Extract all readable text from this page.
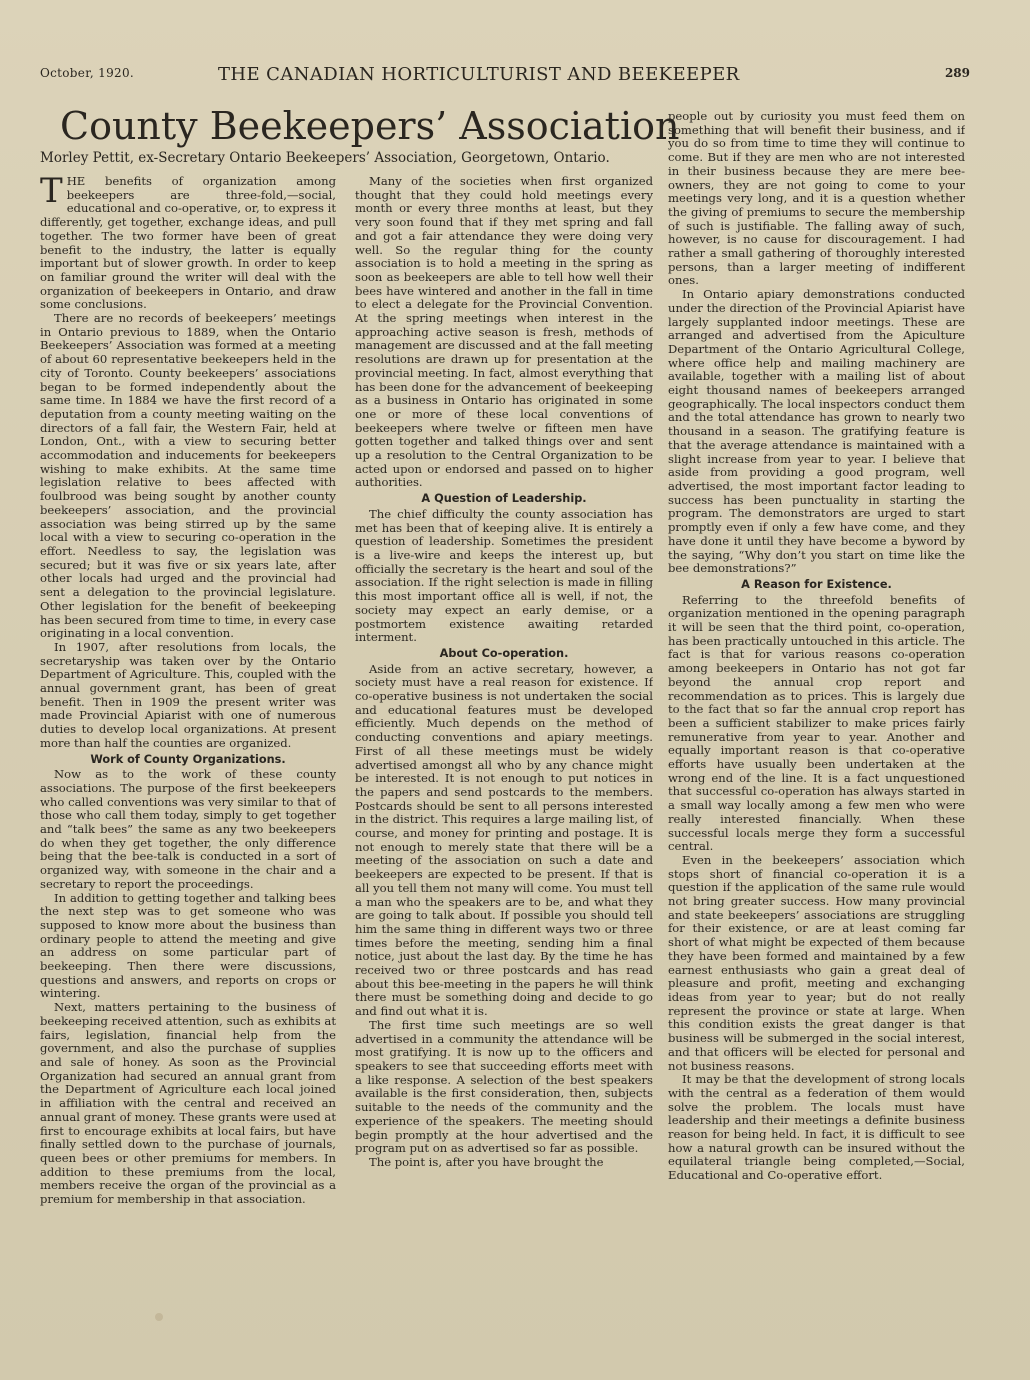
October, 1920.	THE CANADIAN HORTICULTURIST AND BEEKEEPER	289
County Beekeepers’ Association
Morley Pettit, ex-Secretary Ontario Beekeepers’ Association, Georgetown, Ontario.

THE benefits of organization among beekeepers are three-fold,—social, educational and co-operative, or, to express it differently, get together, exchange ideas, and pull together. The two former have been of great benefit to the industry, the latter is equally important but of slower growth. In order to keep on familiar ground the writer will deal with the organization of beekeepers in Ontario, and draw some conclusions.

There are no records of beekeepers’ meetings in Ontario previous to 1889, when the Ontario Beekeepers’ Association was formed at a meeting of about 60 representative beekeepers held in the city of Toronto. County beekeepers’ associations began to be formed independently about the same time. In 1884 we have the first record of a deputation from a county meeting waiting on the directors of a fall fair, the Western Fair, held at London, Ont., with a view to securing better accommodation and inducements for beekeepers wishing to make exhibits. At the same time legislation relative to bees affected with foulbrood was being sought by another county beekeepers’ association, and the provincial association was being stirred up by the same local with a view to securing co-operation in the effort. Needless to say, the legislation was secured; but it was five or six years late, after other locals had urged and the provincial had sent a delegation to the provincial legislature. Other legislation for the benefit of beekeeping has been secured from time to time, in every case originating in a local convention.

In 1907, after resolutions from locals, the secretaryship was taken over by the Ontario Department of Agriculture. This, coupled with the annual government grant, has been of great benefit. Then in 1909 the present writer was made Provincial Apiarist with one of numerous duties to develop local organizations. At present more than half the counties are organized.

Work of County Organizations.

Now as to the work of these county associations. The purpose of the first beekeepers who called conventions was very similar to that of those who call them today, simply to get together and “talk bees” the same as any two beekeepers do when they get together, the only difference being that the bee-talk is conducted in a sort of organized way, with someone in the chair and a secretary to report the proceedings.

In addition to getting together and talking bees the next step was to get someone who was supposed to know more about the business than ordinary people to attend the meeting and give an address on some particular part of beekeeping. Then there were discussions, questions and answers, and reports on crops or wintering.

Next, matters pertaining to the business of beekeeping received attention, such as exhibits at fairs, legislation, financial help from the government, and also the purchase of supplies and sale of honey. As soon as the Provincial Organization had secured an annual grant from the Department of Agriculture each local joined in affiliation with the central and received an annual grant of money. These grants were used at first to encourage exhibits at local fairs, but have finally settled down to the purchase of journals, queen bees or other premiums for members. In addition to these premiums from the local, members receive the organ of the provincial as a premium for membership in that association.

Many of the societies when first organized thought that they could hold meetings every month or every three months at least, but they very soon found that if they met spring and fall and got a fair attendance they were doing very well. So the regular thing for the county association is to hold a meeting in the spring as soon as beekeepers are able to tell how well their bees have wintered and another in the fall in time to elect a delegate for the Provincial Convention. At the spring meetings when interest in the approaching active season is fresh, methods of management are discussed and at the fall meeting resolutions are drawn up for presentation at the provincial meeting. In fact, almost everything that has been done for the advancement of beekeeping as a business in Ontario has originated in some one or more of these local conventions of beekeepers where twelve or fifteen men have gotten together and talked things over and sent up a resolution to the Central Organization to be acted upon or endorsed and passed on to higher authorities.

A Question of Leadership.

The chief difficulty the county association has met has been that of keeping alive. It is entirely a question of leadership. Sometimes the president is a live-wire and keeps the interest up, but officially the secretary is the heart and soul of the association. If the right selection is made in filling this most important office all is well, if not, the society may expect an early demise, or a postmortem existence awaiting retarded interment.

About Co-operation.

Aside from an active secretary, however, a society must have a real reason for existence. If co-operative business is not undertaken the social and educational features must be developed efficiently. Much depends on the method of conducting conventions and apiary meetings. First of all these meetings must be widely advertised amongst all who by any chance might be interested. It is not enough to put notices in the papers and send postcards to the members. Postcards should be sent to all persons interested in the district. This requires a large mailing list, of course, and money for printing and postage. It is not enough to merely state that there will be a meeting of the association on such a date and beekeepers are expected to be present. If that is all you tell them not many will come. You must tell a man who the speakers are to be, and what they are going to talk about. If possible you should tell him the same thing in different ways two or three times before the meeting, sending him a final notice, just about the last day. By the time he has received two or three postcards and has read about this bee-meeting in the papers he will think there must be something doing and decide to go and find out what it is.

The first time such meetings are so well advertised in a community the attendance will be most gratifying. It is now up to the officers and speakers to see that succeeding efforts meet with a like response. A selection of the best speakers available is the first consideration, then, subjects suitable to the needs of the community and the experience of the speakers. The meeting should begin promptly at the hour advertised and the program put on as advertised so far as possible.

The point is, after you have brought the

people out by curiosity you must feed them on something that will benefit their business, and if you do so from time to time they will continue to come. But if they are men who are not interested in their business because they are mere bee-owners, they are not going to come to your meetings very long, and it is a question whether the giving of premiums to secure the membership of such is justifiable. The falling away of such, however, is no cause for discouragement. I had rather a small gathering of thoroughly interested persons, than a larger meeting of indifferent ones.

In Ontario apiary demonstrations conducted under the direction of the Provincial Apiarist have largely supplanted indoor meetings. These are arranged and advertised from the Apiculture Department of the Ontario Agricultural College, where office help and mailing machinery are available, together with a mailing list of about eight thousand names of beekeepers arranged geographically. The local inspectors conduct them and the total attendance has grown to nearly two thousand in a season. The gratifying feature is that the average attendance is maintained with a slight increase from year to year. I believe that aside from providing a good program, well advertised, the most important factor leading to success has been punctuality in starting the program. The demonstrators are urged to start promptly even if only a few have come, and they have done it until they have become a byword by the saying, “Why don’t you start on time like the bee demonstrations?”

A Reason for Existence.

Referring to the threefold benefits of organization mentioned in the opening paragraph it will be seen that the third point, co-operation, has been practically untouched in this article. The fact is that for various reasons co-operation among beekeepers in Ontario has not got far beyond the annual crop report and recommendation as to prices. This is largely due to the fact that so far the annual crop report has been a sufficient stabilizer to make prices fairly remunerative from year to year. Another and equally important reason is that co-operative efforts have usually been undertaken at the wrong end of the line. It is a fact unquestioned that successful co-operation has always started in a small way locally among a few men who were really interested financially. When these successful locals merge they form a successful central.

Even in the beekeepers’ association which stops short of financial co-operation it is a question if the application of the same rule would not bring greater success. How many provincial and state beekeepers’ associations are struggling for their existence, or are at least coming far short of what might be expected of them because they have been formed and maintained by a few earnest enthusiasts who gain a great deal of pleasure and profit, meeting and exchanging ideas from year to year; but do not really represent the province or state at large. When this condition exists the great danger is that business will be submerged in the social interest, and that officers will be elected for personal and not business reasons.

It may be that the development of strong locals with the central as a federation of them would solve the problem. The locals must have leadership and their meetings a definite business reason for being held. In fact, it is difficult to see how a natural growth can be insured without the equilateral triangle being completed,—Social, Educational and Co-operative effort.
